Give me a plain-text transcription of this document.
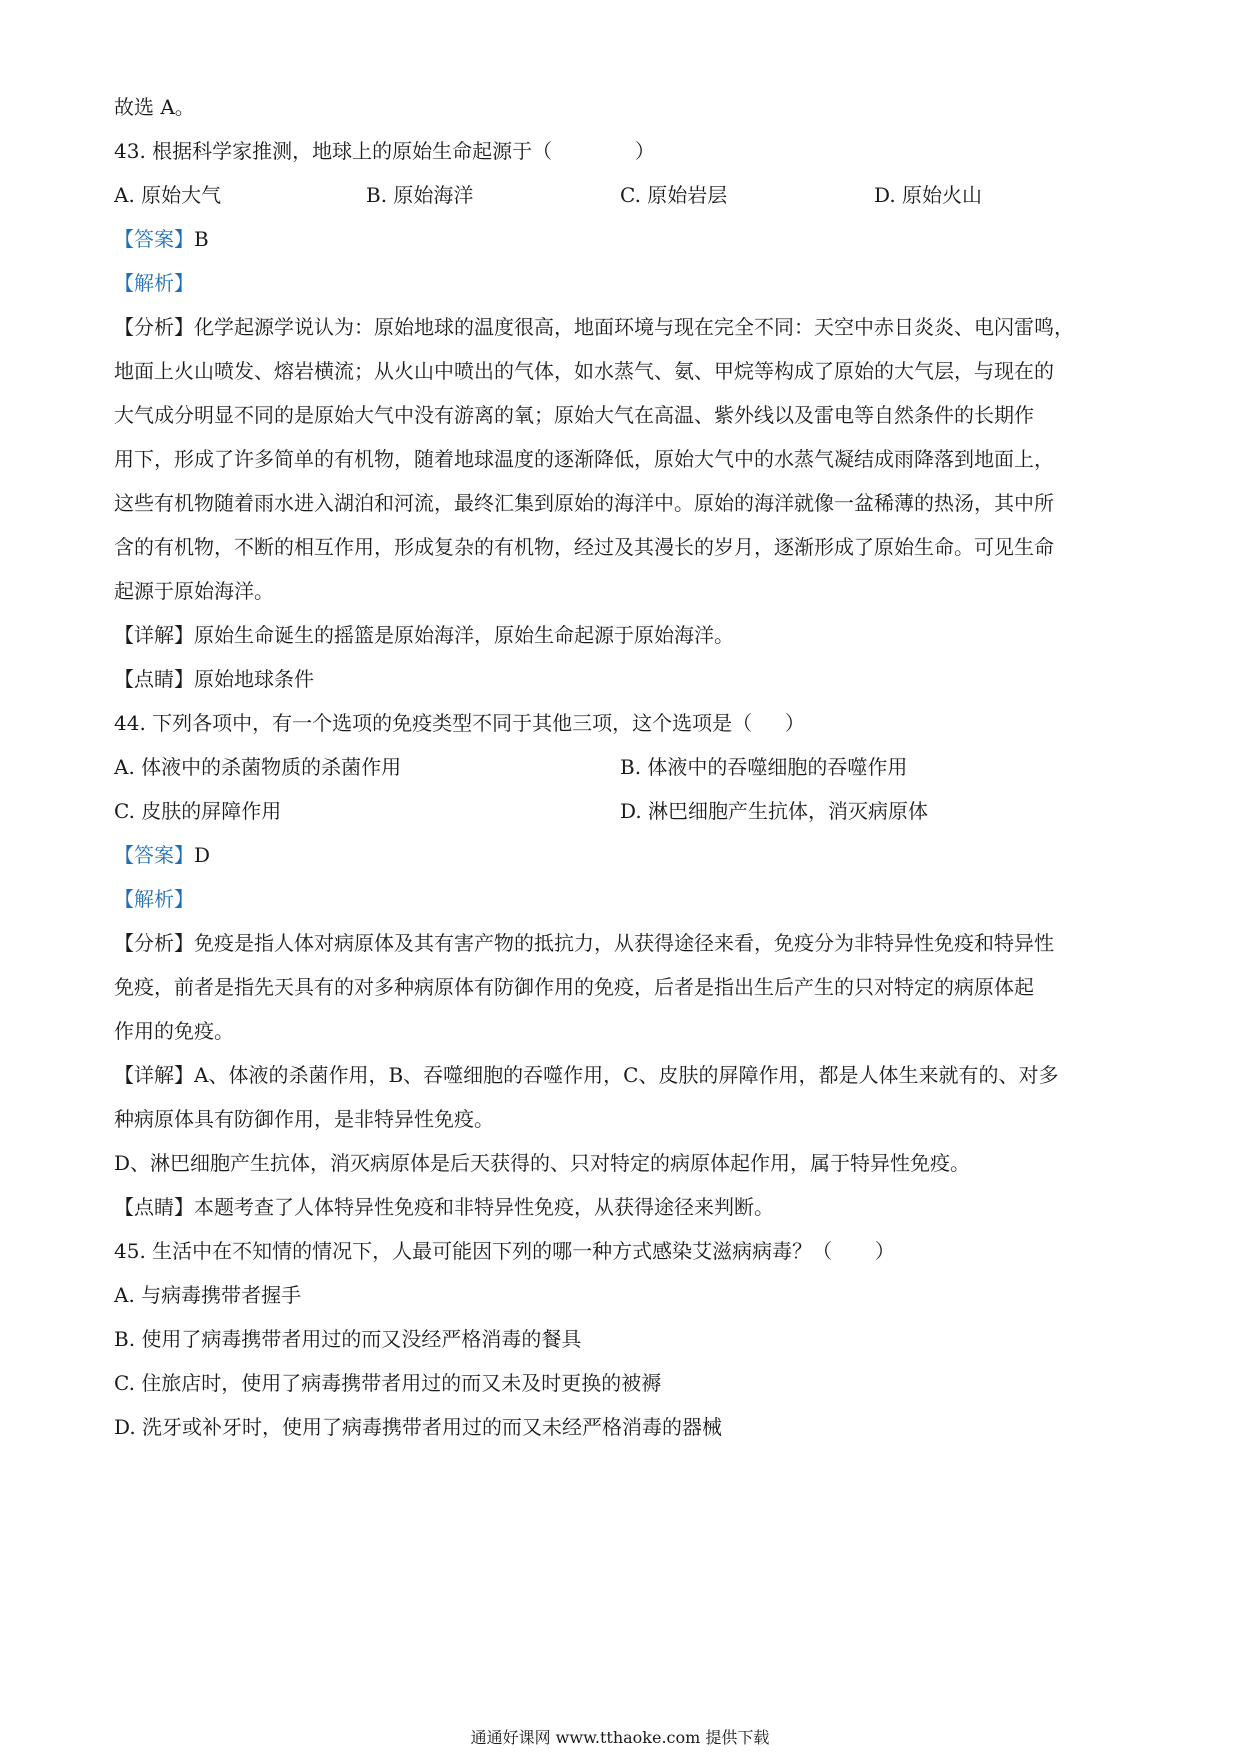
故选 A。
43. 根据科学家推测，地球上的原始生命起源于（	）
A. 原始大气	B. 原始海洋	C. 原始岩层	D. 原始火山
【答案】B
【解析】
【分析】化学起源学说认为：原始地球的温度很高，地面环境与现在完全不同：天空中赤日炎炎、电闪雷鸣，
地面上火山喷发、熔岩横流；从火山中喷出的气体，如水蒸气、氨、甲烷等构成了原始的大气层，与现在的
大气成分明显不同的是原始大气中没有游离的氧；原始大气在高温、紫外线以及雷电等自然条件的长期作
用下，形成了许多简单的有机物，随着地球温度的逐渐降低，原始大气中的水蒸气凝结成雨降落到地面上，
这些有机物随着雨水进入湖泊和河流，最终汇集到原始的海洋中。原始的海洋就像一盆稀薄的热汤，其中所
含的有机物，不断的相互作用，形成复杂的有机物，经过及其漫长的岁月，逐渐形成了原始生命。可见生命
起源于原始海洋。
【详解】原始生命诞生的摇篮是原始海洋，原始生命起源于原始海洋。
【点睛】原始地球条件
44. 下列各项中，有一个选项的免疫类型不同于其他三项，这个选项是（ ）
A. 体液中的杀菌物质的杀菌作用	B. 体液中的吞噬细胞的吞噬作用
C. 皮肤的屏障作用	D. 淋巴细胞产生抗体，消灭病原体
【答案】D
【解析】
【分析】免疫是指人体对病原体及其有害产物的抵抗力，从获得途径来看，免疫分为非特异性免疫和特异性
免疫，前者是指先天具有的对多种病原体有防御作用的免疫，后者是指出生后产生的只对特定的病原体起
作用的免疫。
【详解】A、体液的杀菌作用，B、吞噬细胞的吞噬作用，C、皮肤的屏障作用，都是人体生来就有的、对多
种病原体具有防御作用，是非特异性免疫。
D、淋巴细胞产生抗体，消灭病原体是后天获得的、只对特定的病原体起作用，属于特异性免疫。
【点睛】本题考查了人体特异性免疫和非特异性免疫，从获得途径来判断。
45. 生活中在不知情的情况下，人最可能因下列的哪一种方式感染艾滋病病毒？（ ）
A. 与病毒携带者握手
B. 使用了病毒携带者用过的而又没经严格消毒的餐具
C. 住旅店时，使用了病毒携带者用过的而又未及时更换的被褥
D. 洗牙或补牙时，使用了病毒携带者用过的而又未经严格消毒的器械
通通好课网 www.tthaoke.com 提供下载
